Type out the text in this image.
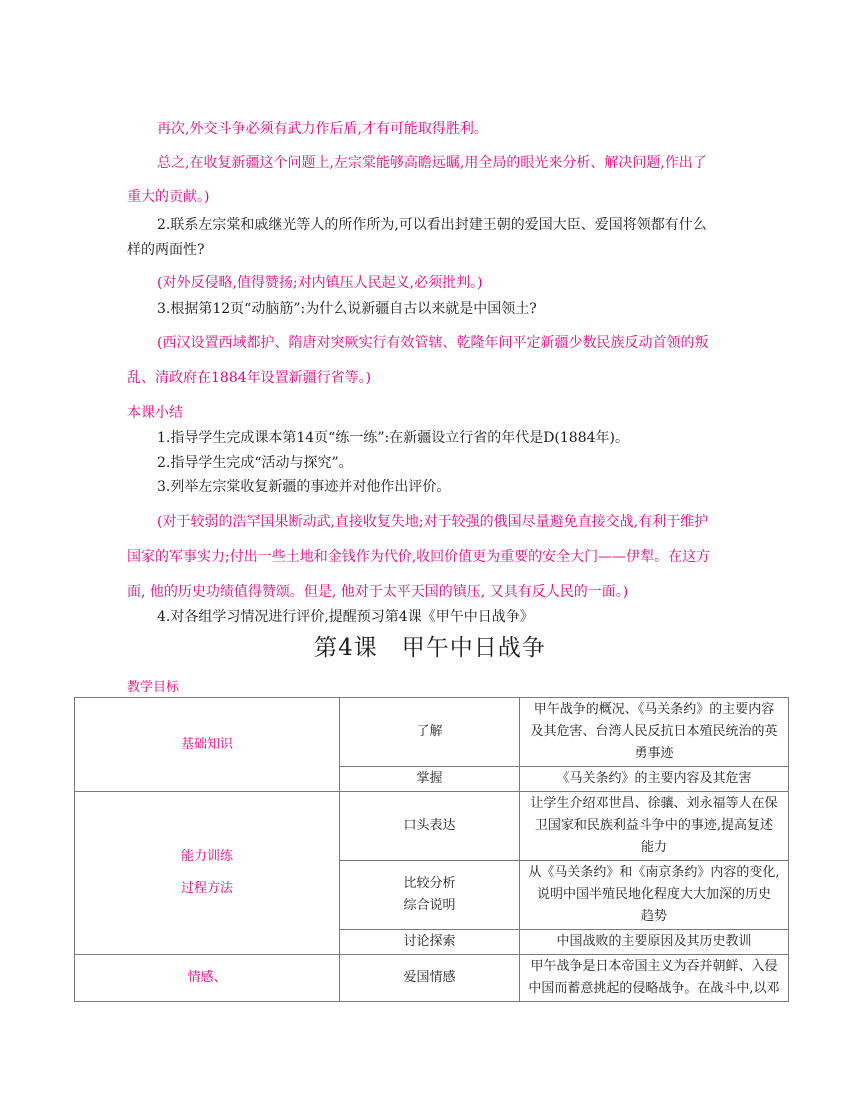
再次,外交斗争必须有武力作后盾,才有可能取得胜利。
总之,在收复新疆这个问题上,左宗棠能够高瞻远瞩,用全局的眼光来分析、解决问题,作出了
重大的贡献。)
2.联系左宗棠和戚继光等人的所作所为,可以看出封建王朝的爱国大臣、爱国将领都有什么
样的两面性?
(对外反侵略,值得赞扬;对内镇压人民起义,必须批判。)
3.根据第12页“动脑筋”:为什么说新疆自古以来就是中国领土?
(西汉设置西域都护、隋唐对突厥实行有效管辖、乾隆年间平定新疆少数民族反动首领的叛
乱、清政府在1884年设置新疆行省等。)
本课小结
1.指导学生完成课本第14页“练一练”:在新疆设立行省的年代是D(1884年)。
2.指导学生完成“活动与探究”。
3.列举左宗棠收复新疆的事迹并对他作出评价。
(对于较弱的浩罕国果断动武,直接收复失地;对于较强的俄国尽量避免直接交战,有利于维护
国家的军事实力;付出一些土地和金钱作为代价,收回价值更为重要的安全大门——伊犁。在这方
面, 他的历史功绩值得赞颂。但是, 他对于太平天国的镇压, 又具有反人民的一面。)
4.对各组学习情况进行评价,提醒预习第4课《甲午中日战争》
第4课　甲午中日战争
教学目标
基础知识	了解	甲午战争的概况、《马关条约》的主要内容
及其危害、台湾人民反抗日本殖民统治的英
勇事迹

	掌握	《马关条约》的主要内容及其危害

能力训练
过程方法	口头表达	让学生介绍邓世昌、徐骧、刘永福等人在保
卫国家和民族利益斗争中的事迹,提高复述
能力

	比较分析
综合说明	从《马关条约》和《南京条约》内容的变化,
说明中国半殖民地化程度大大加深的历史
趋势

	讨论探索	中国战败的主要原因及其历史教训
情感、	爱国情感	甲午战争是日本帝国主义为吞并朝鲜、入侵
中国而蓄意挑起的侵略战争。在战斗中,以邓
